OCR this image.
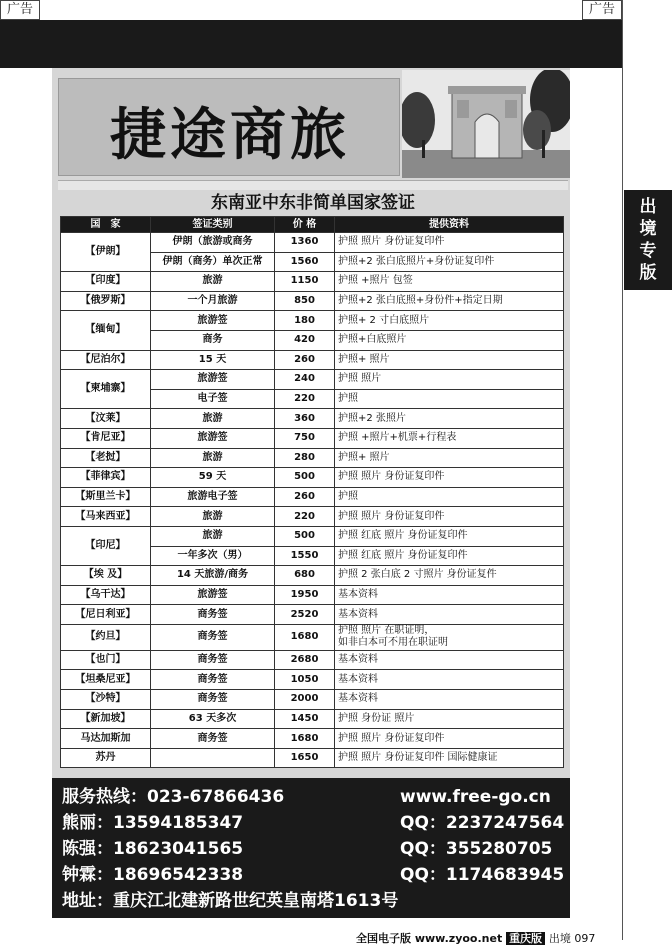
广告	广告
出
境
专
版
捷途商旅
东南亚中东非简单国家签证
国　家	签证类别	价 格	提供资料
【伊朗】	伊朗（旅游或商务	1360	护照 照片 身份证复印件

	伊朗（商务）单次正常	1560	护照+2 张白底照片+身份证复印件

【印度】	旅游	1150	护照 +照片 包签

【俄罗斯】	一个月旅游	850	护照+2 张白底照+身份件+指定日期

【缅甸】	旅游签	180	护照+ 2 寸白底照片

	商务	420	护照+白底照片

【尼泊尔】	15 天	260	护照+ 照片

【柬埔寨】	旅游签	240	护照 照片

	电子签	220	护照

【汶莱】	旅游	360	护照+2 张照片

【肯尼亚】	旅游签	750	护照 +照片+机票+行程表

【老挝】	旅游	280	护照+ 照片

【菲律宾】	59 天	500	护照 照片 身份证复印件

【斯里兰卡】	旅游电子签	260	护照

【马来西亚】	旅游	220	护照 照片 身份证复印件

【印尼】	旅游	500	护照 红底 照片 身份证复印件

	一年多次（男）	1550	护照 红底 照片 身份证复印件

【埃 及】	14 天旅游/商务	680	护照 2 张白底 2 寸照片 身份证复件

【乌干达】	旅游签	1950	基本资料

【尼日利亚】	商务签	2520	基本资料

【约旦】	商务签	1680	护照 照片 在职证明，
如非白本可不用在职证明

【也门】	商务签	2680	基本资料

【坦桑尼亚】	商务签	1050	基本资料

【沙特】	商务签	2000	基本资料

【新加坡】	63 天多次	1450	护照 身份证 照片

马达加斯加	商务签	1680	护照 照片 身份证复印件

苏丹		1650	护照 照片 身份证复印件 国际健康证
服务热线：023-67866436	www.free-go.cn
熊丽：13594185347	QQ：2237247564
陈强：18623041565	QQ：355280705
钟霖：18696542338	QQ：1174683945
地址：重庆江北建新路世纪英皇南塔1613号
全国电子版 www.zyoo.net 重庆版 出境 097
